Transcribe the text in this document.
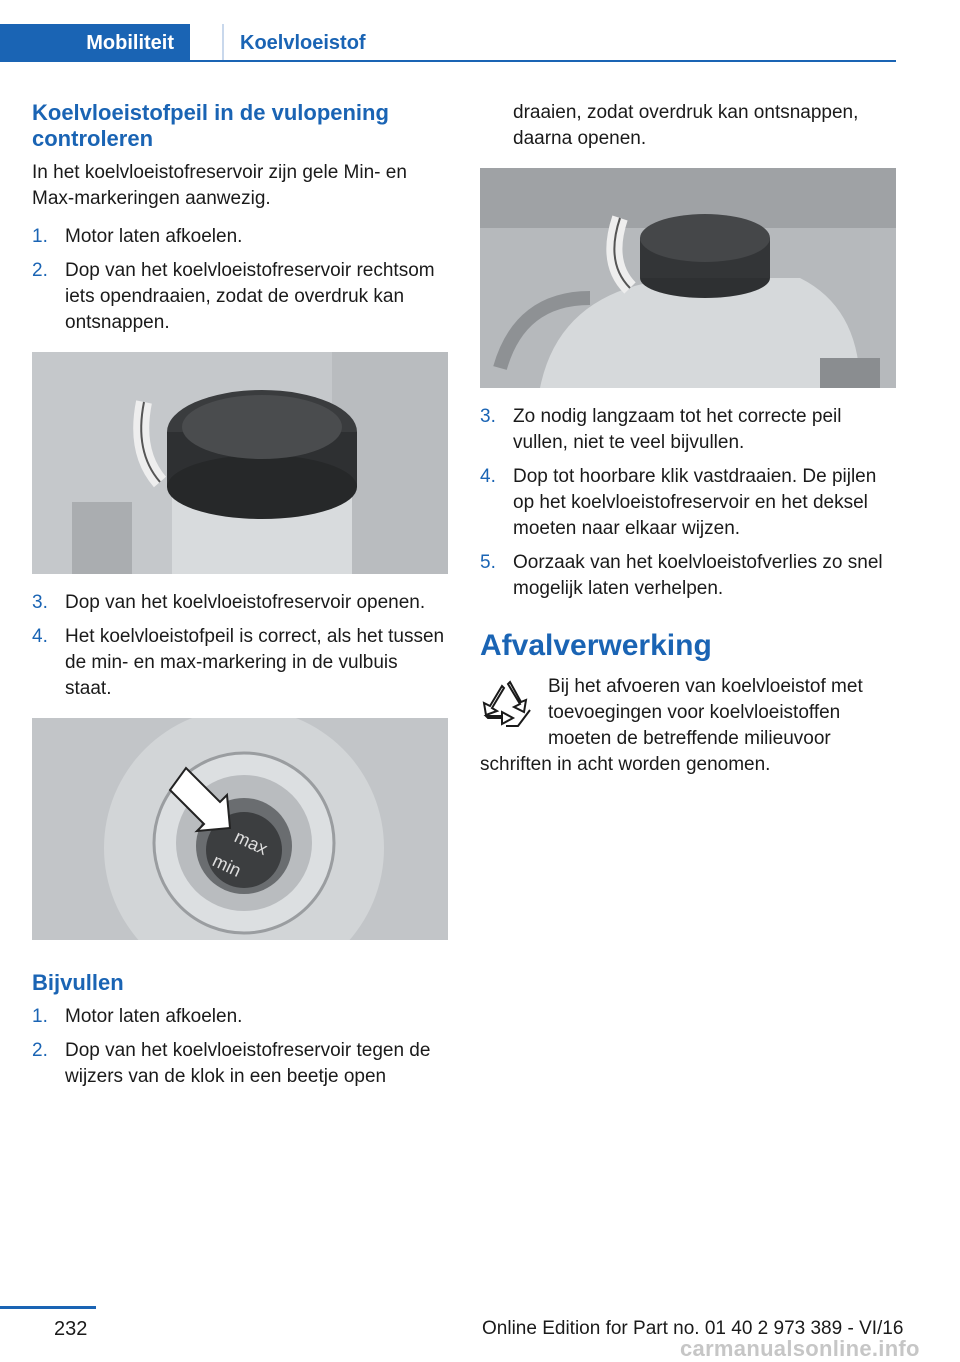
Mobiliteit	Koelvloeistof
Koelvloeistofpeil in de vulopening controleren

In het koelvloeistofreservoir zijn gele Min- en Max-markeringen aanwezig.

1. Motor laten afkoelen.
2. Dop van het koelvloeistofreservoir rechtsom iets opendraaien, zodat de overdruk kan ontsnappen.
3. Dop van het koelvloeistofreservoir openen.
4. Het koelvloeistofpeil is correct, als het tussen de min- en max-markering in de vulbuis staat.
max
min
Bijvullen
1. Motor laten afkoelen.
2. Dop van het koelvloeistofreservoir tegen de wijzers van de klok in een beetje open

draaien, zodat overdruk kan ontsnappen, daarna openen.

3. Zo nodig langzaam tot het correcte peil vullen, niet te veel bijvullen.
4. Dop tot hoorbare klik vastdraaien. De pijlen op het koelvloeistofreservoir en het deksel moeten naar elkaar wijzen.
5. Oorzaak van het koelvloeistofverlies zo snel mogelijk laten verhelpen.
Afvalverwerking
Bij het afvoeren van koelvloeistof met
toevoegingen voor koelvloeistoffen
moeten de betreffende milieuvoor
schriften in acht worden genomen.
232	Online Edition for Part no. 01 40 2 973 389 - VI/16
carmanualsonline.info
